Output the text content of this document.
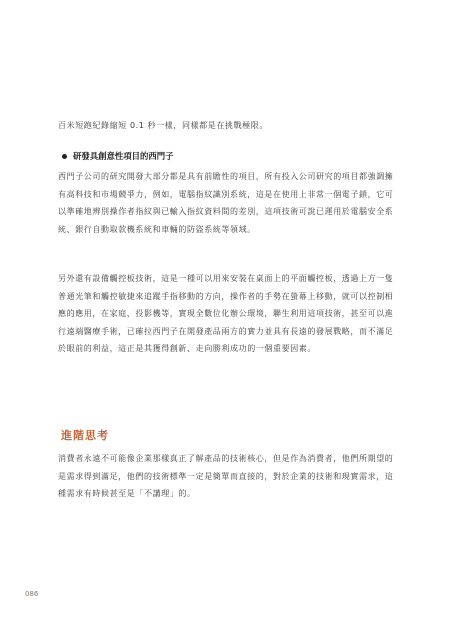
百米短跑紀錄縮短 0.1 秒一樣，同樣都是在挑戰極限。

研發具創意性項目的西門子

西門子公司的研究開發大部分都是具有前瞻性的項目，所有投入公司研究的項目都強調擁有高科技和市場競爭力，例如，電腦指紋識別系統，這是在使用上非常一個電子鎖，它可以準確地辨別操作者指紋與已輸入指紋資料間的差別，這項技術可說已運用於電腦安全系統、銀行自動取款機系統和車輛的防盜系統等領域。

另外還有設備觸控板技術，這是一種可以用來安裝在桌面上的平面觸控板，透過上方一隻普通光筆和觸控敏捷來追蹤手指移動的方向，操作者的手勢在螢幕上移動，就可以控制相應的應用，在家庭、投影機等，實現全數位化辦公環境，聯生利用這項技術，甚至可以進行遠端醫療手術，已確拉西門子在開發產品兩方的實力並具有長遠的發展戰略，而不滿足於眼前的利益，這正是其獲得創新、走向勝利成功的一個重要因素。

進階思考

消費者永遠不可能像企業那樣真正了解產品的技術核心，但是作為消費者，他們所期望的是需求得到滿足，他們的技術標準一定是簡單而直接的，對於企業的技術和現實需求，這種需求有時候甚至是「不講理」的。

086
